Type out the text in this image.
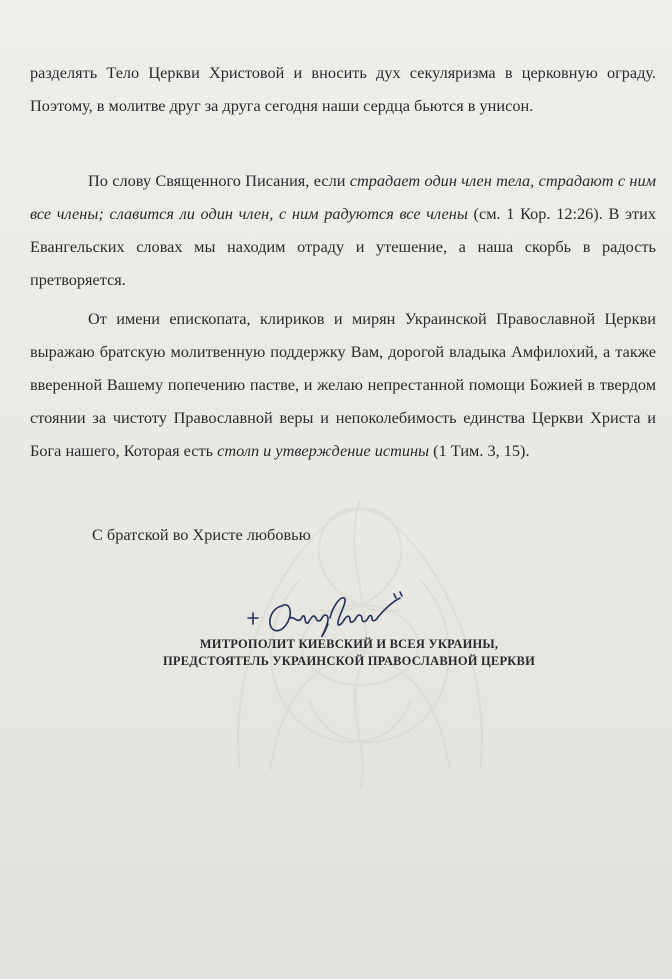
разделять Тело Церкви Христовой и вносить дух секуляризма в церковную ограду. Поэтому, в молитве друг за друга сегодня наши сердца бьются в унисон.

По слову Священного Писания, если страдает один член тела, страдают с ним все члены; славится ли один член, с ним радуются все члены (см. 1 Кор. 12:26). В этих Евангельских словах мы находим отраду и утешение, а наша скорбь в радость претворяется.

От имени епископата, клириков и мирян Украинской Православной Церкви выражаю братскую молитвенную поддержку Вам, дорогой владыка Амфилохий, а также вверенной Вашему попечению пастве, и желаю непрестанной помощи Божией в твердом стоянии за чистоту Православной веры и непоколебимость единства Церкви Христа и Бога нашего, Которая есть столп и утверждение истины (1 Тим. 3, 15).

С братской во Христе любовью

МИТРОПОЛИТ КИЕВСКИЙ И ВСЕЯ УКРАИНЫ,

ПРЕДСТОЯТЕЛЬ УКРАИНСКОЙ ПРАВОСЛАВНОЙ ЦЕРКВИ
